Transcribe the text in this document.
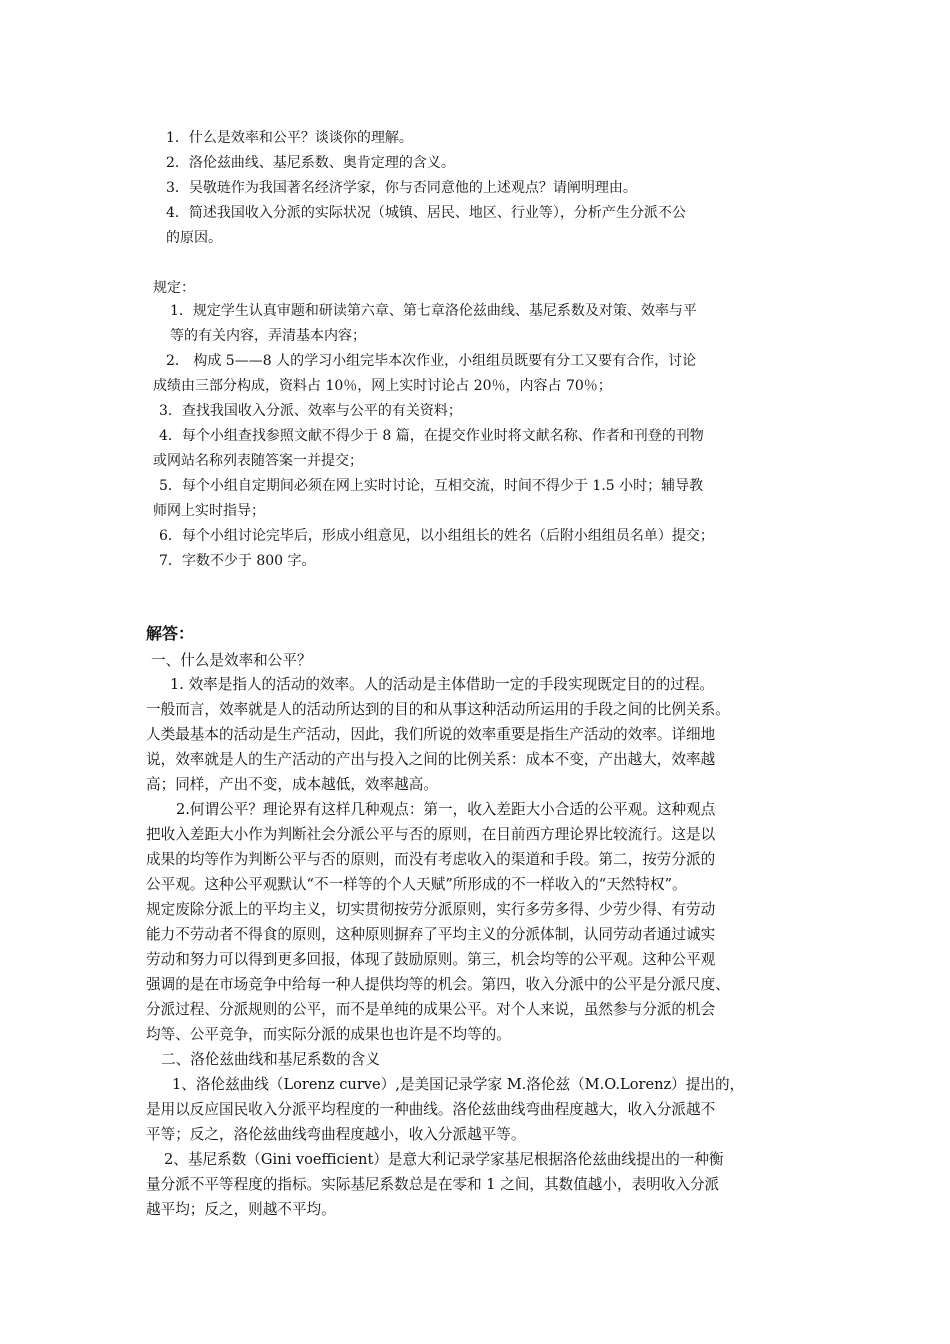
1．什么是效率和公平？谈谈你的理解。
2．洛伦兹曲线、基尼系数、奥肯定理的含义。
3．吴敬琏作为我国著名经济学家，你与否同意他的上述观点？请阐明理由。
4．简述我国收入分派的实际状况（城镇、居民、地区、行业等），分析产生分派不公
的原因。
规定：
1．规定学生认真审题和研读第六章、第七章洛伦兹曲线、基尼系数及对策、效率与平
等的有关内容，弄清基本内容；
2． 构成 5——8 人的学习小组完毕本次作业，小组组员既要有分工又要有合作，讨论
成绩由三部分构成，资料占 10％，网上实时讨论占 20％，内容占 70％；
3．查找我国收入分派、效率与公平的有关资料；
4．每个小组查找参照文献不得少于 8 篇，在提交作业时将文献名称、作者和刊登的刊物
或网站名称列表随答案一并提交；
5．每个小组自定期间必须在网上实时讨论，互相交流，时间不得少于 1.5 小时；辅导教
师网上实时指导；
6．每个小组讨论完毕后，形成小组意见，以小组组长的姓名（后附小组组员名单）提交；
7．字数不少于 800 字。
解答：
一、什么是效率和公平？
1. 效率是指人的活动的效率。人的活动是主体借助一定的手段实现既定目的的过程。
一般而言，效率就是人的活动所达到的目的和从事这种活动所运用的手段之间的比例关系。
人类最基本的活动是生产活动，因此，我们所说的效率重要是指生产活动的效率。详细地
说，效率就是人的生产活动的产出与投入之间的比例关系：成本不变，产出越大，效率越
高；同样，产出不变，成本越低，效率越高。
2.何谓公平？理论界有这样几种观点：第一，收入差距大小合适的公平观。这种观点
把收入差距大小作为判断社会分派公平与否的原则，在目前西方理论界比较流行。这是以
成果的均等作为判断公平与否的原则，而没有考虑收入的渠道和手段。第二，按劳分派的
公平观。这种公平观默认“不一样等的个人天赋”所形成的不一样收入的“天然特权”。
规定废除分派上的平均主义，切实贯彻按劳分派原则，实行多劳多得、少劳少得、有劳动
能力不劳动者不得食的原则，这种原则摒弃了平均主义的分派体制，认同劳动者通过诚实
劳动和努力可以得到更多回报，体现了鼓励原则。第三，机会均等的公平观。这种公平观
强调的是在市场竞争中给每一种人提供均等的机会。第四，收入分派中的公平是分派尺度、
分派过程、分派规则的公平，而不是单纯的成果公平。对个人来说，虽然参与分派的机会
均等、公平竞争，而实际分派的成果也也许是不均等的。
二、洛伦兹曲线和基尼系数的含义
1、洛伦兹曲线（Lorenz curve）,是美国记录学家 M.洛伦兹（M.O.Lorenz）提出的，
是用以反应国民收入分派平均程度的一种曲线。洛伦兹曲线弯曲程度越大，收入分派越不
平等；反之，洛伦兹曲线弯曲程度越小，收入分派越平等。
2、基尼系数（Gini voefficient）是意大利记录学家基尼根据洛伦兹曲线提出的一种衡
量分派不平等程度的指标。实际基尼系数总是在零和 1 之间，其数值越小，表明收入分派
越平均；反之，则越不平均。
